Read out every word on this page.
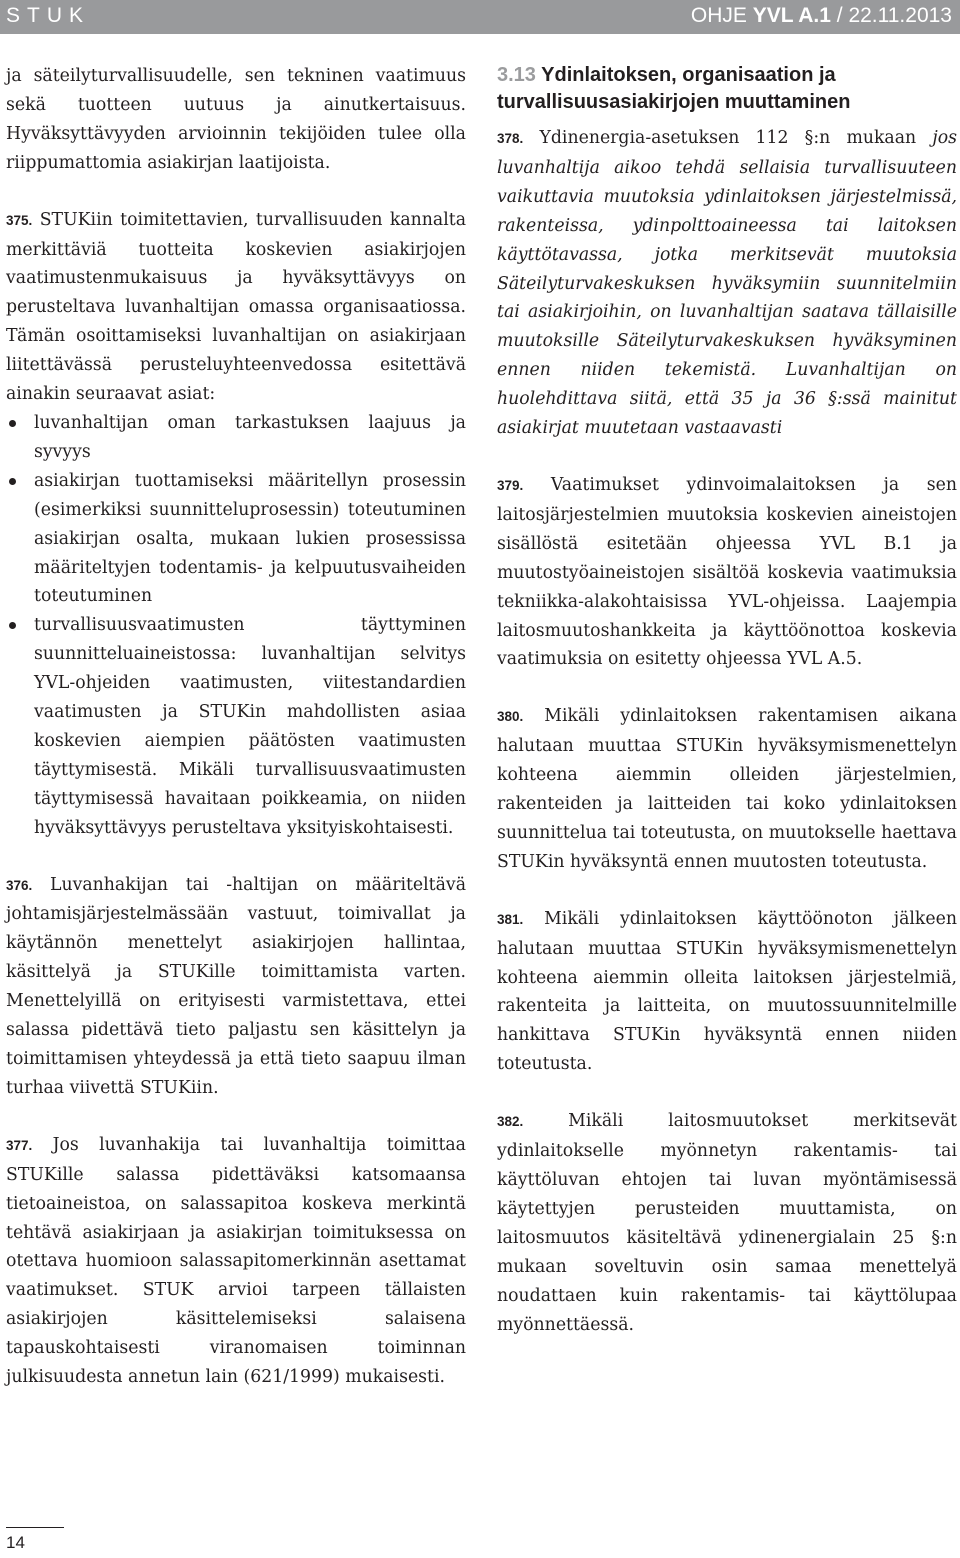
STUK	OHJE YVL A.1 / 22.11.2013

ja säteilyturvallisuudelle, sen tekninen vaatimuus sekä tuotteen uutuus ja ainutkertaisuus. Hyväksyttävyyden arvioinnin tekijöiden tulee olla riippumattomia asiakirjan laatijoista.

375. STUKiin toimitettavien, turvallisuuden kannalta merkittäviä tuotteita koskevien asiakirjojen vaatimustenmukaisuus ja hyväksyttävyys on perusteltava luvanhaltijan omassa organisaatiossa. Tämän osoittamiseksi luvanhaltijan on asiakirjaan liitettävässä perusteluyhteenvedossa esitettävä ainakin seuraavat asiat:

luvanhaltijan oman tarkastuksen laajuus ja syvyys
asiakirjan tuottamiseksi määritellyn prosessin (esimerkiksi suunnitteluprosessin) toteutuminen asiakirjan osalta, mukaan lukien prosessissa määriteltyjen todentamis- ja kelpuutusvaiheiden toteutuminen
turvallisuusvaatimusten täyttyminen suunnitteluaineistossa: luvanhaltijan selvitys YVL-ohjeiden vaatimusten, viitestandardien vaatimusten ja STUKin mahdollisten asiaa koskevien aiempien päätösten vaatimusten täyttymisestä. Mikäli turvallisuusvaatimusten täyttymisessä havaitaan poikkeamia, on niiden hyväksyttävyys perusteltava yksityiskohtaisesti.

376. Luvanhakijan tai -haltijan on määriteltävä johtamisjärjestelmässään vastuut, toimivallat ja käytännön menettelyt asiakirjojen hallintaa, käsittelyä ja STUKille toimittamista varten. Menettelyillä on erityisesti varmistettava, ettei salassa pidettävä tieto paljastu sen käsittelyn ja toimittamisen yhteydessä ja että tieto saapuu ilman turhaa viivettä STUKiin.

377. Jos luvanhakija tai luvanhaltija toimittaa STUKille salassa pidettäväksi katsomaansa tietoaineistoa, on salassapitoa koskeva merkintä tehtävä asiakirjaan ja asiakirjan toimituksessa on otettava huomioon salassapitomerkinnän asettamat vaatimukset. STUK arvioi tarpeen tällaisten asiakirjojen käsittelemiseksi salaisena tapauskohtaisesti viranomaisen toiminnan julkisuudesta annetun lain (621/1999) mukaisesti.

3.13 Ydinlaitoksen, organisaation ja turvallisuusasiakirjojen muuttaminen

378. Ydinenergia-asetuksen 112 §:n mukaan jos luvanhaltija aikoo tehdä sellaisia turvallisuuteen vaikuttavia muutoksia ydinlaitoksen järjestelmissä, rakenteissa, ydinpolttoaineessa tai laitoksen käyttötavassa, jotka merkitsevät muutoksia Säteilyturvakeskuksen hyväksymiin suunnitelmiin tai asiakirjoihin, on luvanhaltijan saatava tällaisille muutoksille Säteilyturvakeskuksen hyväksyminen ennen niiden tekemistä. Luvanhaltijan on huolehdittava siitä, että 35 ja 36 §:ssä mainitut asiakirjat muutetaan vastaavasti

379. Vaatimukset ydinvoimalaitoksen ja sen laitosjärjestelmien muutoksia koskevien aineistojen sisällöstä esitetään ohjeessa YVL B.1 ja muutostyöaineistojen sisältöä koskevia vaatimuksia tekniikka-alakohtaisissa YVL-ohjeissa. Laajempia laitosmuutoshankkeita ja käyttöönottoa koskevia vaatimuksia on esitetty ohjeessa YVL A.5.

380. Mikäli ydinlaitoksen rakentamisen aikana halutaan muuttaa STUKin hyväksymismenettelyn kohteena aiemmin olleiden järjestelmien, rakenteiden ja laitteiden tai koko ydinlaitoksen suunnittelua tai toteutusta, on muutokselle haettava STUKin hyväksyntä ennen muutosten toteutusta.

381. Mikäli ydinlaitoksen käyttöönoton jälkeen halutaan muuttaa STUKin hyväksymismenettelyn kohteena aiemmin olleita laitoksen järjestelmiä, rakenteita ja laitteita, on muutossuunnitelmille hankittava STUKin hyväksyntä ennen niiden toteutusta.

382. Mikäli laitosmuutokset merkitsevät ydinlaitokselle myönnetyn rakentamis- tai käyttöluvan ehtojen tai luvan myöntämisessä käytettyjen perusteiden muuttamista, on laitosmuutos käsiteltävä ydinenergialain 25 §:n mukaan soveltuvin osin samaa menettelyä noudattaen kuin rakentamis- tai käyttölupaa myönnettäessä.

14
